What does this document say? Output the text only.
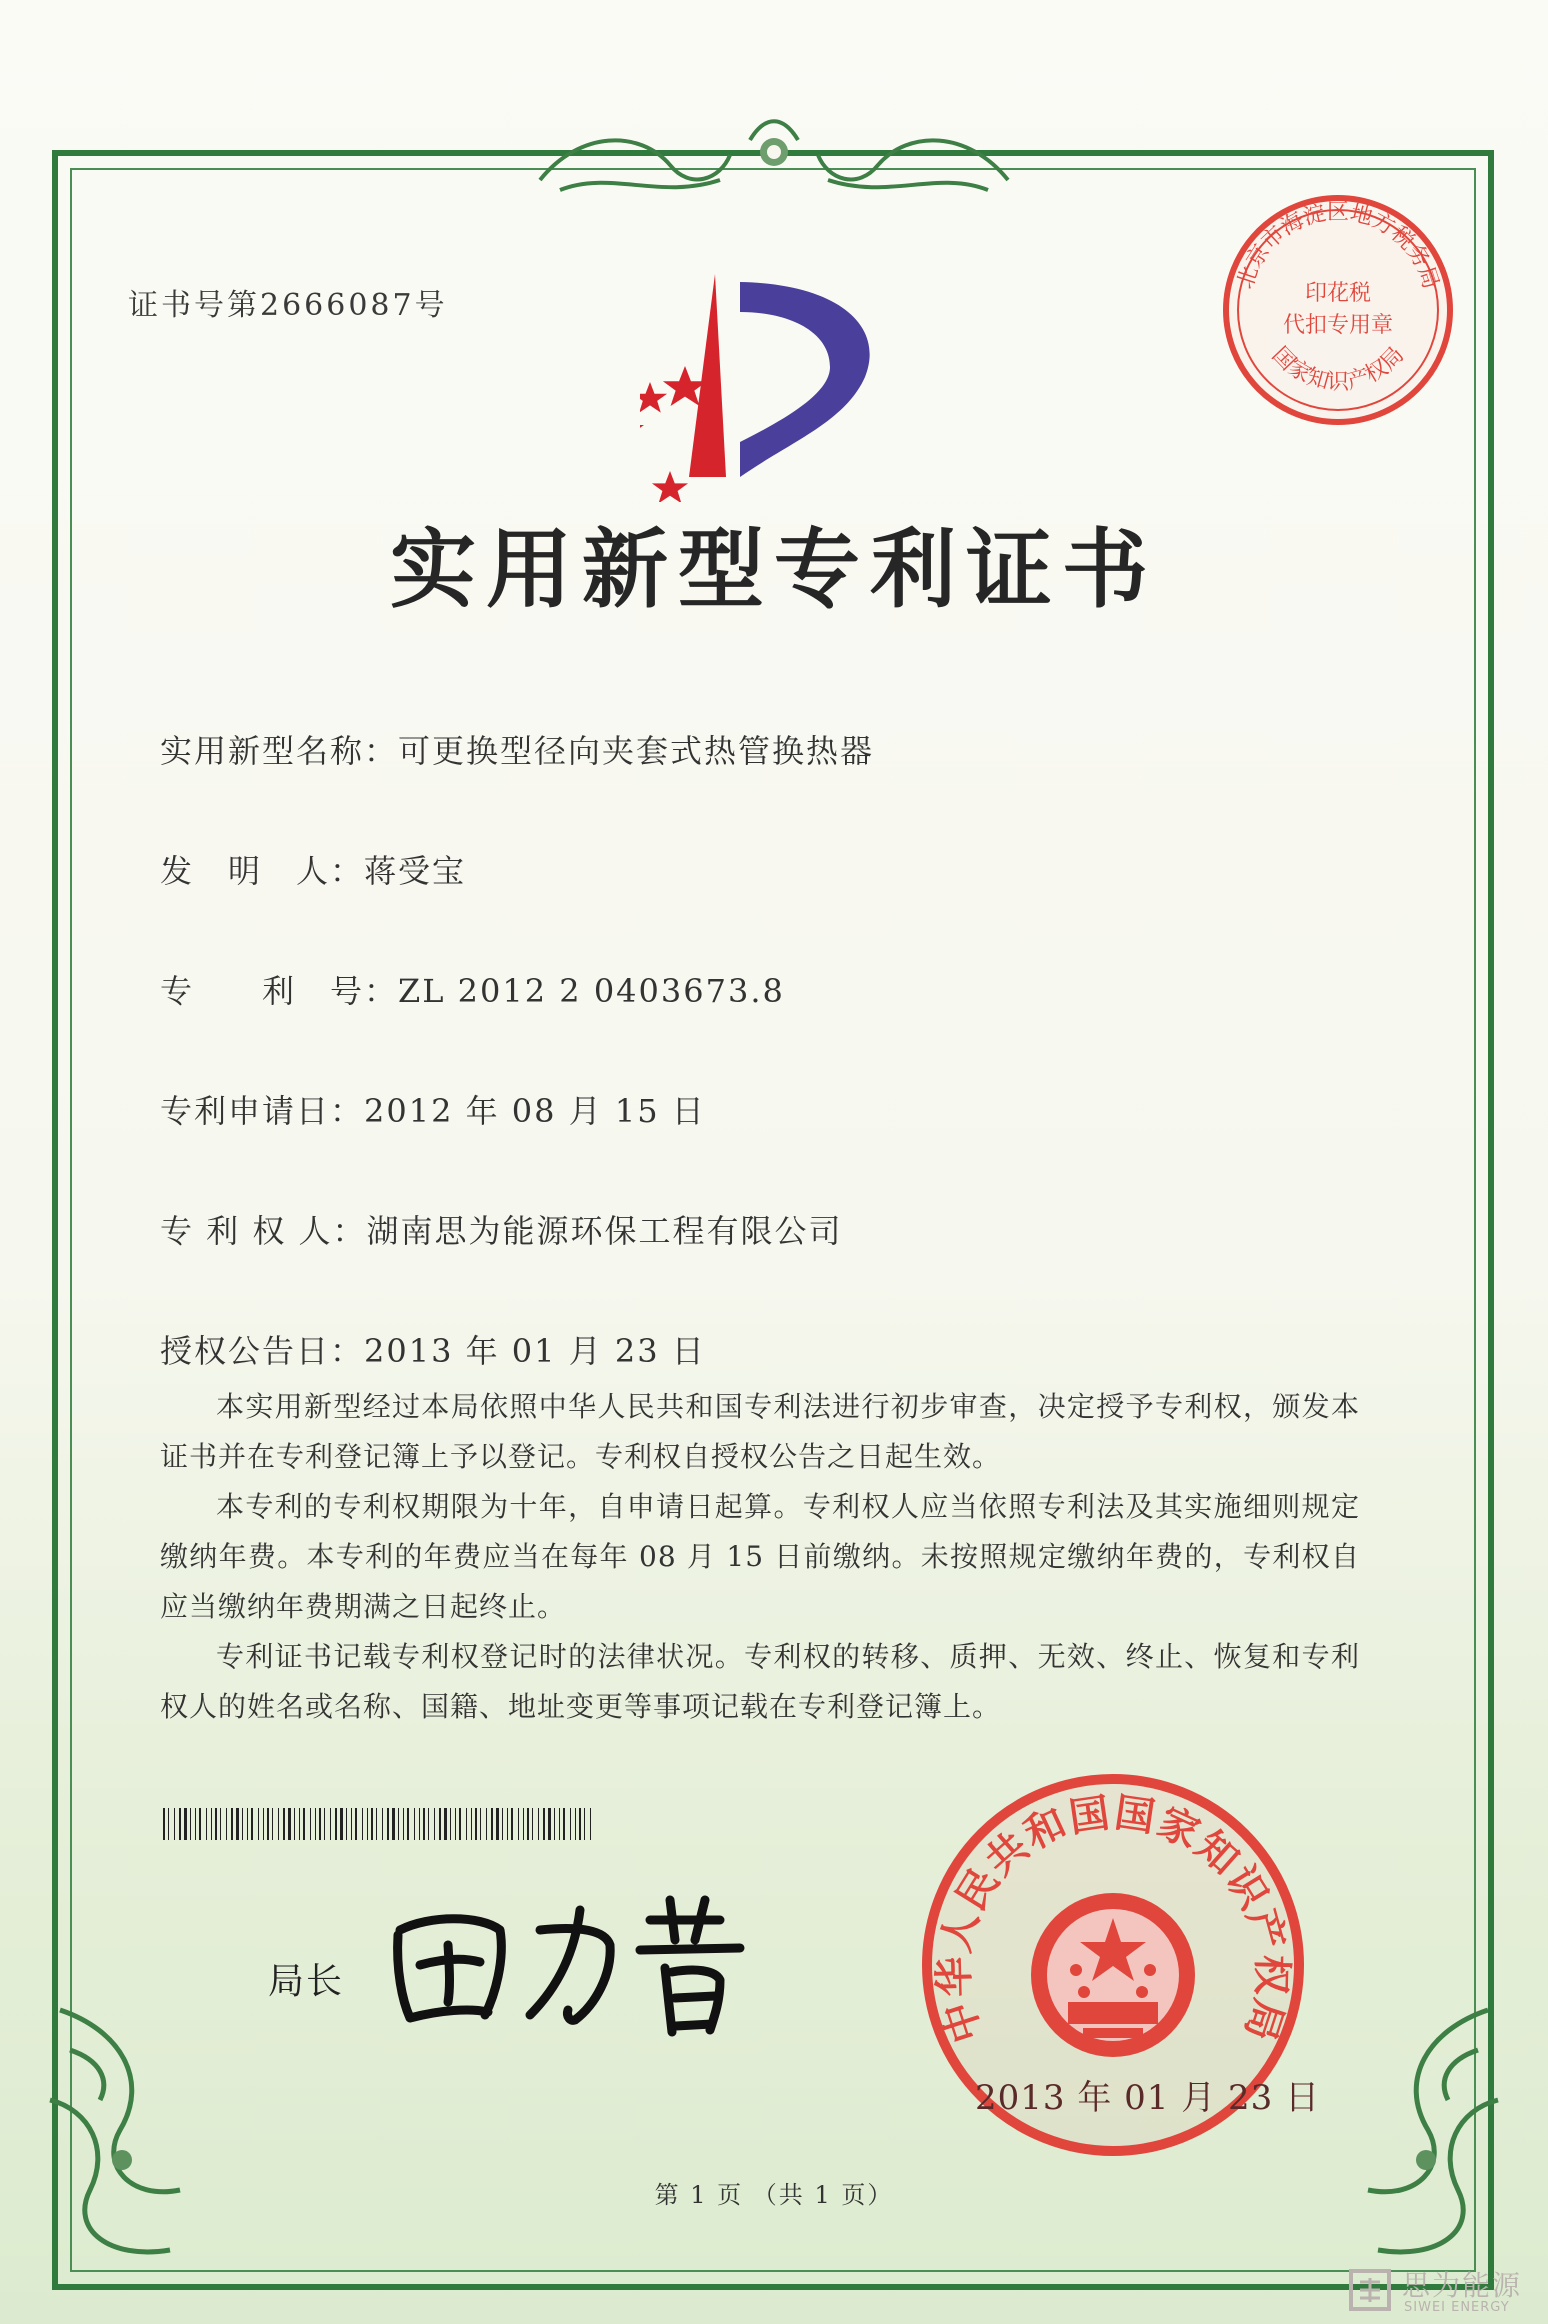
证书号第2666087号

实用新型专利证书

实用新型名称：可更换型径向夹套式热管换热器

发　明　人：蒋受宝

专　　利　号：ZL 2012 2 0403673.8

专利申请日：2012 年 08 月 15 日

专 利 权 人：湖南思为能源环保工程有限公司

授权公告日：2013 年 01 月 23 日

本实用新型经过本局依照中华人民共和国专利法进行初步审查，决定授予专利权，颁发本证书并在专利登记簿上予以登记。专利权自授权公告之日起生效。

本专利的专利权期限为十年，自申请日起算。专利权人应当依照专利法及其实施细则规定缴纳年费。本专利的年费应当在每年 08 月 15 日前缴纳。未按照规定缴纳年费的，专利权自应当缴纳年费期满之日起终止。

专利证书记载专利权登记时的法律状况。专利权的转移、质押、无效、终止、恢复和专利权人的姓名或名称、国籍、地址变更等事项记载在专利登记簿上。

局长

中华人民共和国国家知识产权局

2013 年 01 月 23 日

北京市海淀区地方税务局
国家知识产权局
印花税
代扣专用章

第 1 页 （共 1 页）

思为能源
SIWEI ENERGY
